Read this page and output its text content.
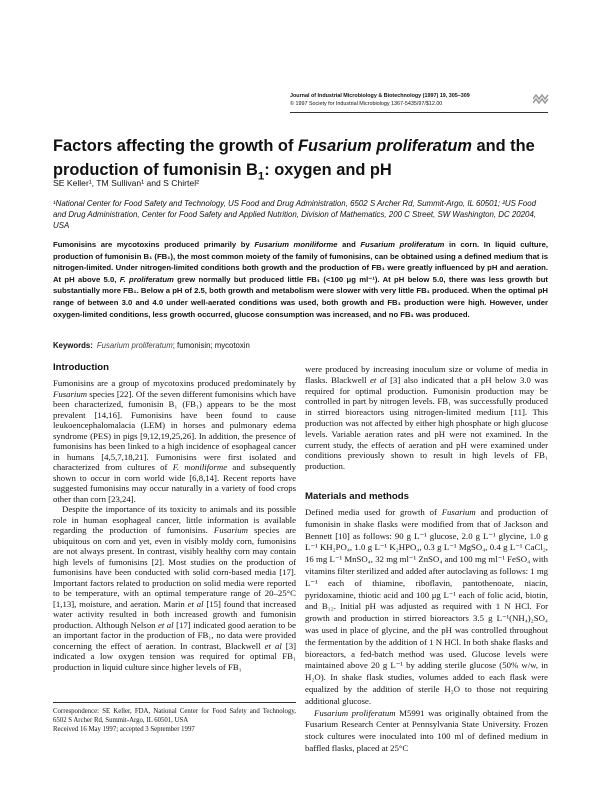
Journal of Industrial Microbiology & Biotechnology (1997) 19, 305–309
© 1997 Society for Industrial Microbiology 1367-5435/97/$12.00
Factors affecting the growth of Fusarium proliferatum and the production of fumonisin $B_1$: oxygen and pH
SE Keller¹, TM Sullivan¹ and S Chirtel²
¹National Center for Food Safety and Technology, US Food and Drug Administration, 6502 S Archer Rd, Summit-Argo, IL 60501; ²US Food and Drug Administration, Center for Food Safety and Applied Nutrition, Division of Mathematics, 200 C Street, SW Washington, DC 20204, USA
Fumonisins are mycotoxins produced primarily by Fusarium moniliforme and Fusarium proliferatum in corn. In liquid culture, production of fumonisin B₁ (FB₁), the most common moiety of the family of fumonisins, can be obtained using a defined medium that is nitrogen-limited. Under nitrogen-limited conditions both growth and the production of FB₁ were greatly influenced by pH and aeration. At pH above 5.0, F. proliferatum grew normally but produced little FB₁ (<100 μg ml⁻¹). At pH below 5.0, there was less growth but substantially more FB₁. Below a pH of 2.5, both growth and metabolism were slower with very little FB₁ produced. When the optimal pH range of between 3.0 and 4.0 under well-aerated conditions was used, both growth and FB₁ production were high. However, under oxygen-limited conditions, less growth occurred, glucose consumption was increased, and no FB₁ was produced.
Keywords: Fusarium proliferatum; fumonisin; mycotoxin
Introduction

Fumonisins are a group of mycotoxins produced predominately by Fusarium species [22]. Of the seven different fumonisins which have been characterized, fumonisin B₁ (FB₁) appears to be the most prevalent [14,16]. Fumonisins have been found to cause leukoencephalomalacia (LEM) in horses and pulmonary edema syndrome (PES) in pigs [9,12,19,25,26]. In addition, the presence of fumonisins has been linked to a high incidence of esophageal cancer in humans [4,5,7,18,21]. Fumonisins were first isolated and characterized from cultures of F. moniliforme and subsequently shown to occur in corn world wide [6,8,14]. Recent reports have suggested fumonisins may occur naturally in a variety of food crops other than corn [23,24].

Despite the importance of its toxicity to animals and its possible role in human esophageal cancer, little information is available regarding the production of fumonisins. Fusarium species are ubiquitous on corn and yet, even in visibly moldy corn, fumonisins are not always present. In contrast, visibly healthy corn may contain high levels of fumonisins [2]. Most studies on the production of fumonisins have been conducted with solid corn-based media [17]. Important factors related to production on solid media were reported to be temperature, with an optimal temperature range of 20–25°C [1,13], moisture, and aeration. Marin et al [15] found that increased water activity resulted in both increased growth and fumonisin production. Although Nelson et al [17] indicated good aeration to be an important factor in the production of FB₁, no data were provided concerning the effect of aeration. In contrast, Blackwell et al [3] indicated a low oxygen tension was required for optimal FB₁ production in liquid culture since higher levels of FB₁

were produced by increasing inoculum size or volume of media in flasks. Blackwell et al [3] also indicated that a pH below 3.0 was required for optimal production. Fumonisin production may be controlled in part by nitrogen levels. FB₁ was successfully produced in stirred bioreactors using nitrogen-limited medium [11]. This production was not affected by either high phosphate or high glucose levels. Variable aeration rates and pH were not examined. In the current study, the effects of aeration and pH were examined under conditions previously shown to result in high levels of FB₁ production.

Materials and methods

Defined media used for growth of Fusarium and production of fumonisin in shake flasks were modified from that of Jackson and Bennett [10] as follows: 90 g L⁻¹ glucose, 2.0 g L⁻¹ glycine, 1.0 g L⁻¹ KH₂PO₄, 1.0 g L⁻¹ K₂HPO₄, 0.3 g L⁻¹ MgSO₄, 0.4 g L⁻¹ CaCl₂, 16 mg L⁻¹ MnSO₄, 32 mg ml⁻¹ ZnSO₄ and 100 mg ml⁻¹ FeSO₄ with vitamins filter sterilized and added after autoclaving as follows: 1 mg L⁻¹ each of thiamine, riboflavin, pantothenoate, niacin, pyridoxamine, thiotic acid and 100 μg L⁻¹ each of folic acid, biotin, and B₁₂. Initial pH was adjusted as required with 1 N HCl. For growth and production in stirred bioreactors 3.5 g L⁻¹(NH₄)₂SO₄ was used in place of glycine, and the pH was controlled throughout the fermentation by the addition of 1 N HCl. In both shake flasks and bioreactors, a fed-batch method was used. Glucose levels were maintained above 20 g L⁻¹ by adding sterile glucose (50% w/w, in H₂O). In shake flask studies, volumes added to each flask were equalized by the addition of sterile H₂O to those not requiring additional glucose.

Fusarium proliferatum M5991 was originally obtained from the Fusarium Research Center at Pennsylvania State University. Frozen stock cultures were inoculated into 100 ml of defined medium in baffled flasks, placed at 25°C

Correspondence: SE Keller, FDA, National Center for Food Safety and Technology, 6502 S Archer Rd, Summit-Argo, IL 60501, USA
Received 16 May 1997; accepted 3 September 1997
